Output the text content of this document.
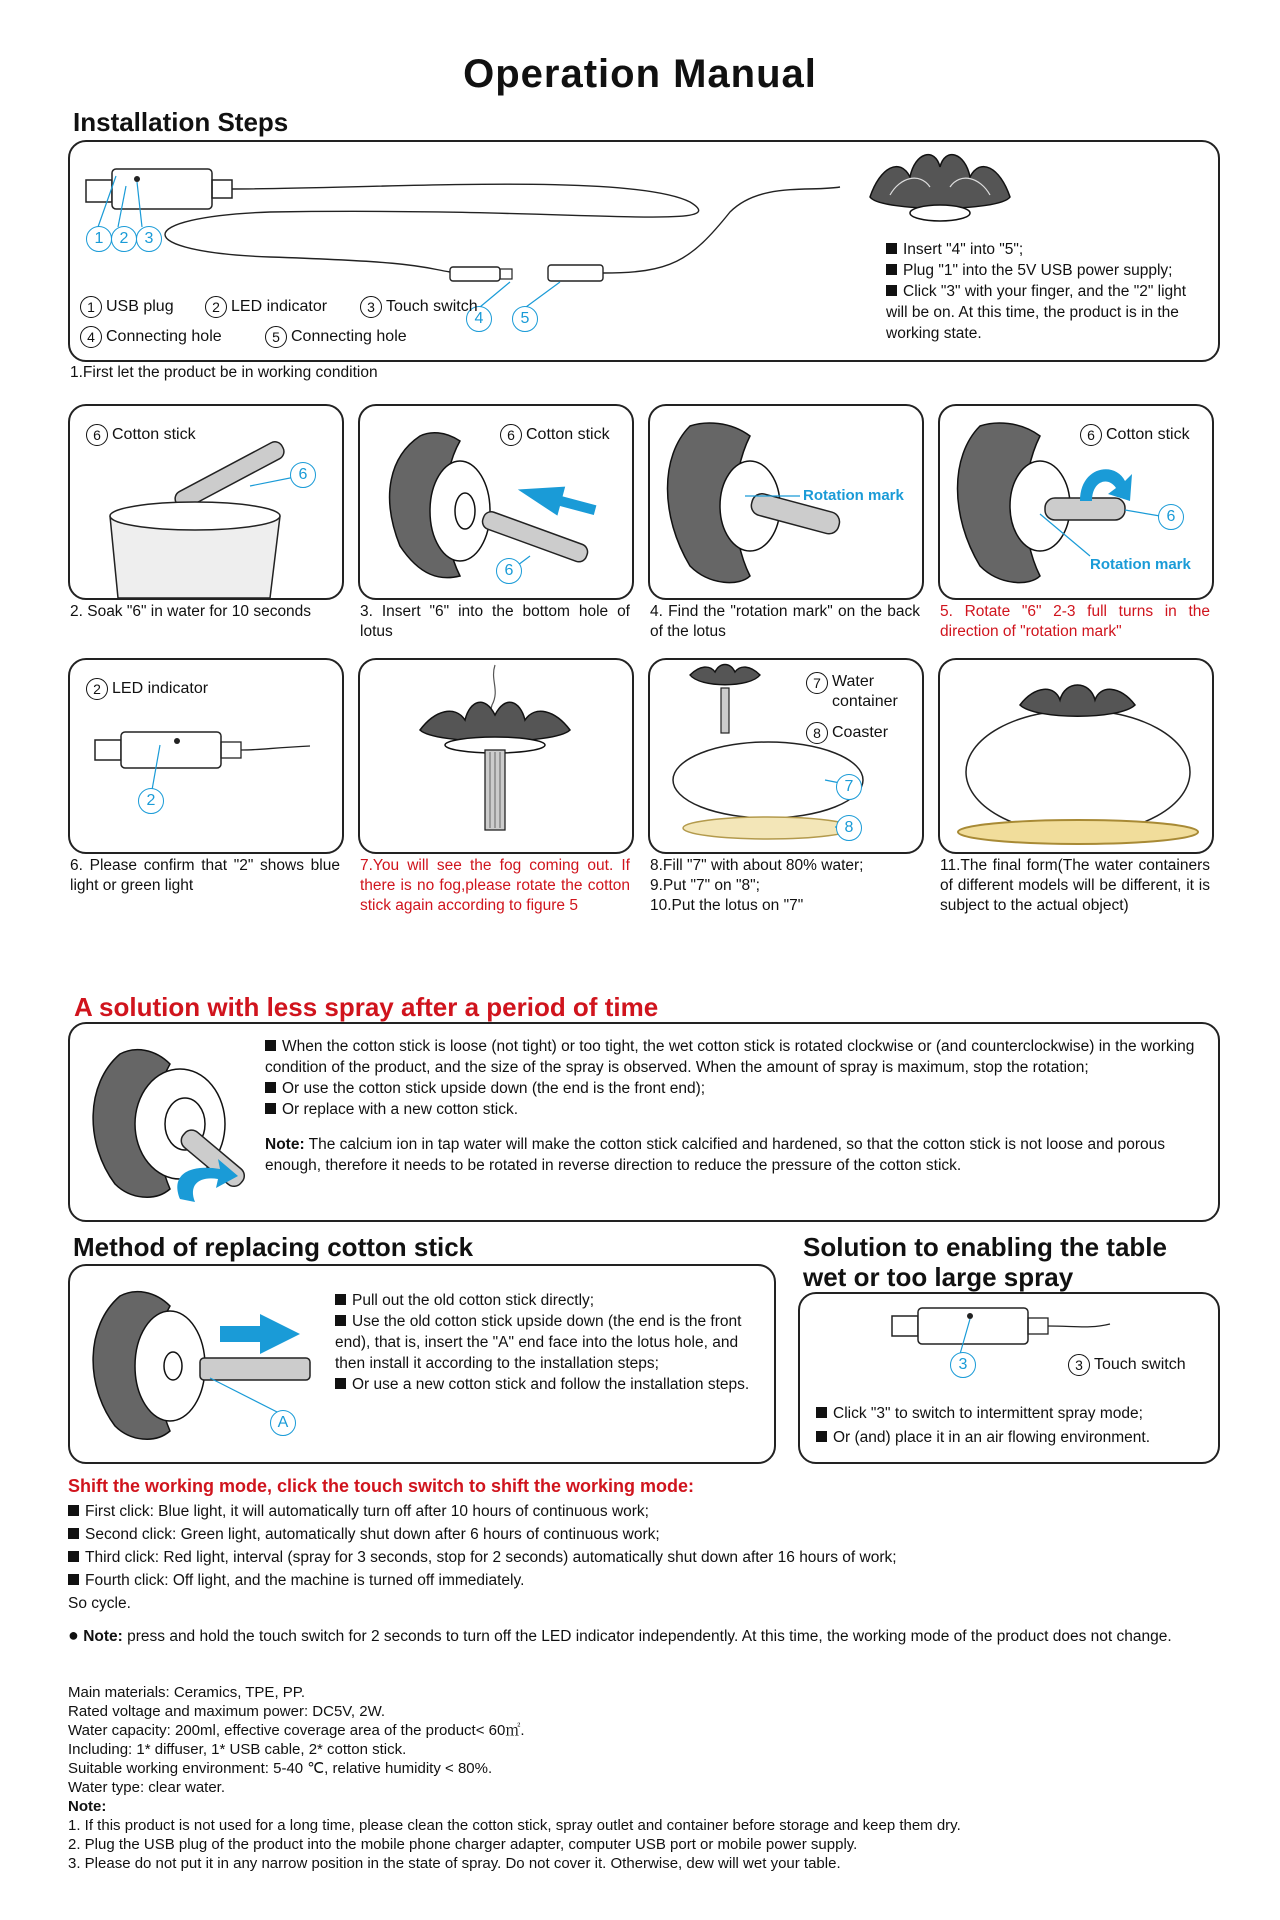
Operation Manual
Installation Steps
1	2	3
4	5
1 USB plug	2 LED indicator	3 Touch switch
4 Connecting hole	5 Connecting hole
Insert "4" into "5";
Plug "1" into the 5V USB power supply;
Click "3" with your finger, and the "2" light will be on. At this time, the product is in the working state.
1.First let the product be in working condition
6 Cotton stick
6
2. Soak "6" in water for 10 seconds
6 Cotton stick
6
3. Insert "6" into the bottom hole of lotus
Rotation mark
4. Find the "rotation mark" on the back of the lotus
6 Cotton stick
6
Rotation mark
5. Rotate "6" 2-3 full turns in the direction of "rotation mark"
2 LED indicator
2
6. Please confirm that "2" shows blue light or green light
7.You will see the fog coming out. If there is no fog,please rotate the cotton stick again according to figure 5
7 Water container
8 Coaster
7
8
8.Fill "7" with about 80% water;
9.Put "7" on "8";
10.Put the lotus on "7"
11.The final form(The water containers of different models will be different, it is subject to the actual object)
A solution with less spray after a period of time
When the cotton stick is loose (not tight) or too tight, the wet cotton stick is rotated clockwise or (and counterclockwise) in the working condition of the product, and the size of the spray is observed. When the amount of spray is maximum, stop the rotation;
Or use the cotton stick upside down (the end is the front end);
Or replace with a new cotton stick.
Note: The calcium ion in tap water will make the cotton stick calcified and hardened, so that the cotton stick is not loose and porous enough, therefore it needs to be rotated in reverse direction to reduce the pressure of the cotton stick.
Method of replacing cotton stick
A
Pull out the old cotton stick directly;
Use the old cotton stick upside down (the end is the front end), that is, insert the "A" end face into the lotus hole, and then install it according to the installation steps;
Or use a new cotton stick and follow the installation steps.
Solution to enabling the table
wet or too large spray
3	3 Touch switch
Click "3" to switch to intermittent spray mode;
Or (and) place it in an air flowing environment.
Shift the working mode, click the touch switch to shift the working mode:
First click: Blue light, it will automatically turn off after 10 hours of continuous work;
Second click: Green light, automatically shut down after 6 hours of continuous work;
Third click: Red light, interval (spray for 3 seconds, stop for 2 seconds) automatically shut down after 16 hours of work;
Fourth click: Off light, and the machine is turned off immediately.
So cycle.
● Note: press and hold the touch switch for 2 seconds to turn off the LED indicator independently. At this time, the working mode of the product does not change.
Main materials: Ceramics, TPE, PP.
Rated voltage and maximum power: DC5V, 2W.
Water capacity: 200ml, effective coverage area of the product< 60㎡.
Including: 1* diffuser, 1* USB cable, 2* cotton stick.
Suitable working environment: 5-40 ℃, relative humidity < 80%.
Water type: clear water.
Note:
1. If this product is not used for a long time, please clean the cotton stick, spray outlet and container before storage and keep them dry.
2. Plug the USB plug of the product into the mobile phone charger adapter, computer USB port or mobile power supply.
3. Please do not put it in any narrow position in the state of spray. Do not cover it. Otherwise, dew will wet your table.
